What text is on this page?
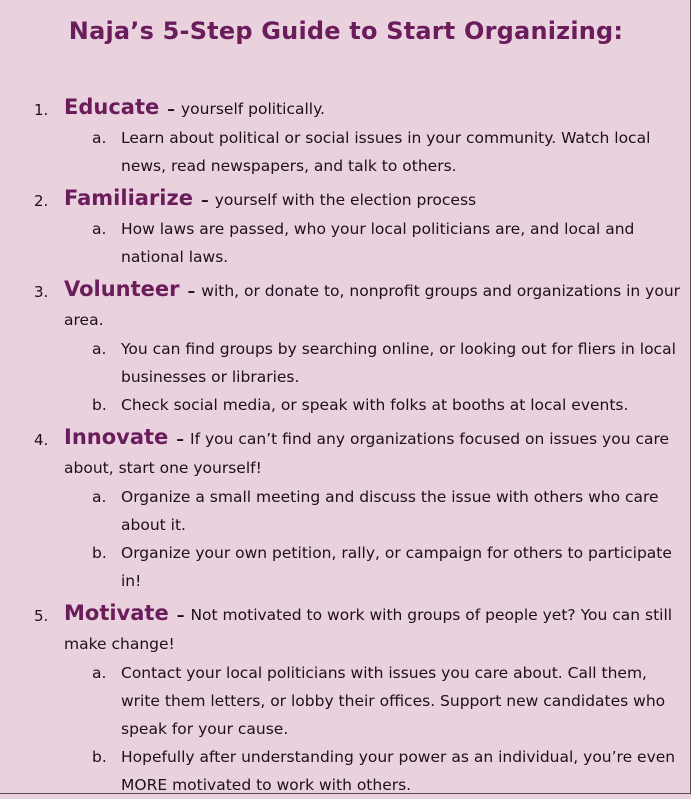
Naja’s 5-Step Guide to Start Organizing:
1. Educate – yourself politically.
a. Learn about political or social issues in your community. Watch local news, read newspapers, and talk to others.
2. Familiarize – yourself with the election process
a. How laws are passed, who your local politicians are, and local and national laws.
3. Volunteer – with, or donate to, nonprofit groups and organizations in your area.
a. You can find groups by searching online, or looking out for fliers in local businesses or libraries.
b. Check social media, or speak with folks at booths at local events.
4. Innovate – If you can’t find any organizations focused on issues you care about, start one yourself!
a. Organize a small meeting and discuss the issue with others who care about it.
b. Organize your own petition, rally, or campaign for others to participate in!
5. Motivate – Not motivated to work with groups of people yet? You can still make change!
a. Contact your local politicians with issues you care about. Call them, write them letters, or lobby their offices. Support new candidates who speak for your cause.
b. Hopefully after understanding your power as an individual, you’re even MORE motivated to work with others.
